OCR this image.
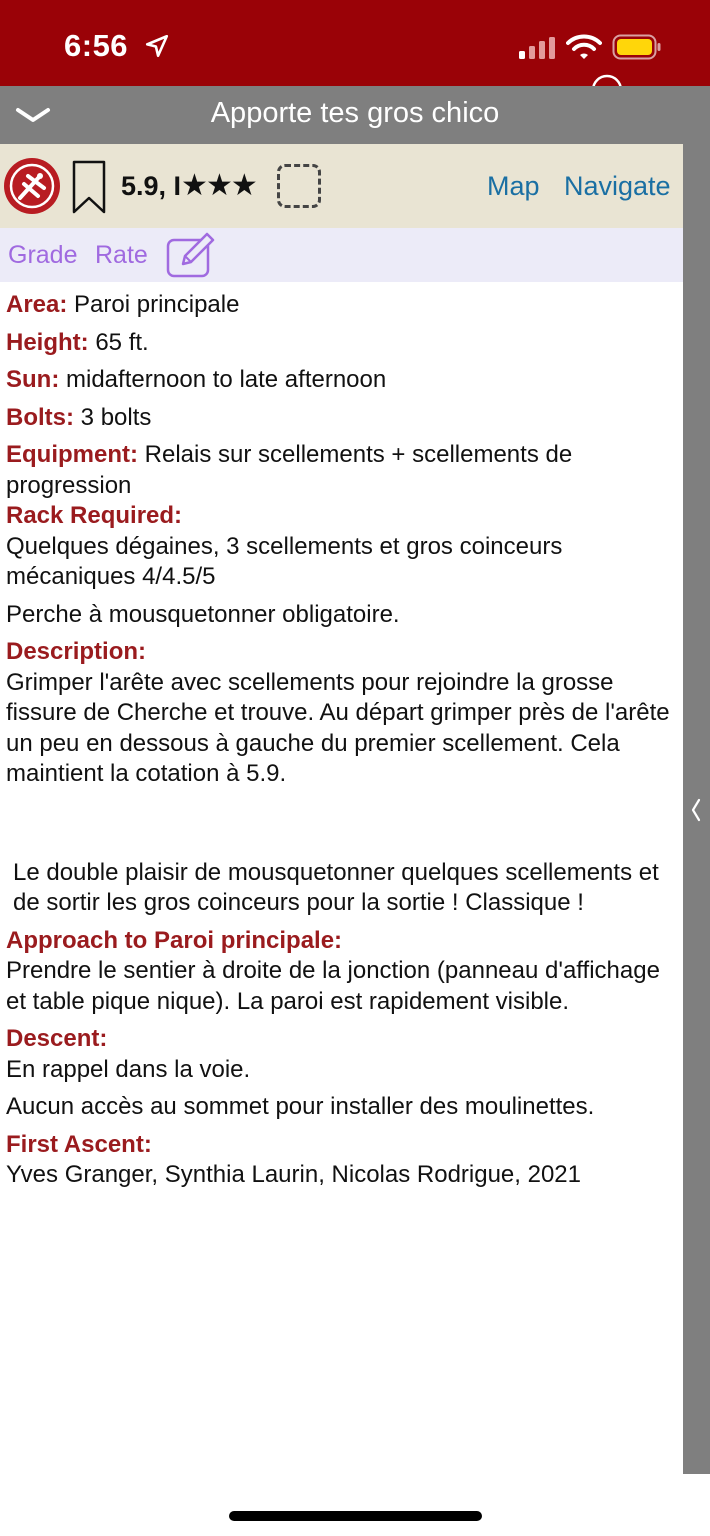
6:56
Apporte tes gros chico
5.9, I★★★	Map Navigate
Grade Rate
Area: Paroi principale
Height: 65 ft.
Sun: midafternoon to late afternoon
Bolts: 3 bolts
Equipment: Relais sur scellements + scellements de progression
Rack Required:
Quelques dégaines, 3 scellements et gros coinceurs mécaniques 4/4.5/5
Perche à mousquetonner obligatoire.
Description:
Grimper l'arête avec scellements pour rejoindre la grosse fissure de Cherche et trouve. Au départ grimper près de l'arête un peu en dessous à gauche du premier scellement. Cela maintient la cotation à 5.9.
Le double plaisir de mousquetonner quelques scellements et de sortir les gros coinceurs pour la sortie ! Classique !
Approach to Paroi principale:
Prendre le sentier à droite de la jonction (panneau d'affichage et table pique nique). La paroi est rapidement visible.
Descent:
En rappel dans la voie.
Aucun accès au sommet pour installer des moulinettes.
First Ascent:
Yves Granger, Synthia Laurin, Nicolas Rodrigue, 2021
